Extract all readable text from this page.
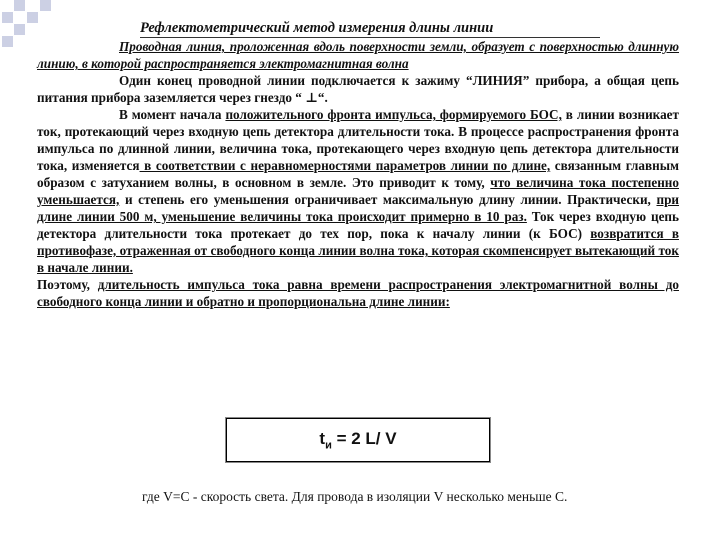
Рефлектометрический метод измерения длины линии

Проводная линия, проложенная вдоль поверхности земли, образует с поверхностью длинную линию, в которой распространяется электромагнитная волна

Один конец проводной линии подключается к зажиму “ЛИНИЯ” прибора, а общая цепь питания прибора заземляется через гнездо “ ⊥“.

В момент начала положительного фронта импульса, формируемого БОС, в линии возникает ток, протекающий через входную цепь детектора длительности тока. В процессе распространения фронта импульса по длинной линии, величина тока, протекающего через входную цепь детектора длительности тока, изменяется в соответствии с неравномерностями параметров линии по длине, связанным главным образом с затуханием волны, в основном в земле. Это приводит к тому, что величина тока постепенно уменьшается, и степень его уменьшения ограничивает максимальную длину линии. Практически, при длине линии 500 м, уменьшение величины тока происходит примерно в 10 раз. Ток через входную цепь детектора длительности тока протекает до тех пор, пока к началу линии (к БОС) возвратится в противофазе, отраженная от свободного конца линии волна тока, которая скомпенсирует вытекающий ток в начале линии.

Поэтому, длительность импульса тока равна времени распространения электромагнитной волны до свободного конца линии и обратно и пропорциональна длине линии:

$t_и = 2$ L/ V
где V=C - скорость света. Для провода в изоляции V несколько меньше C.
